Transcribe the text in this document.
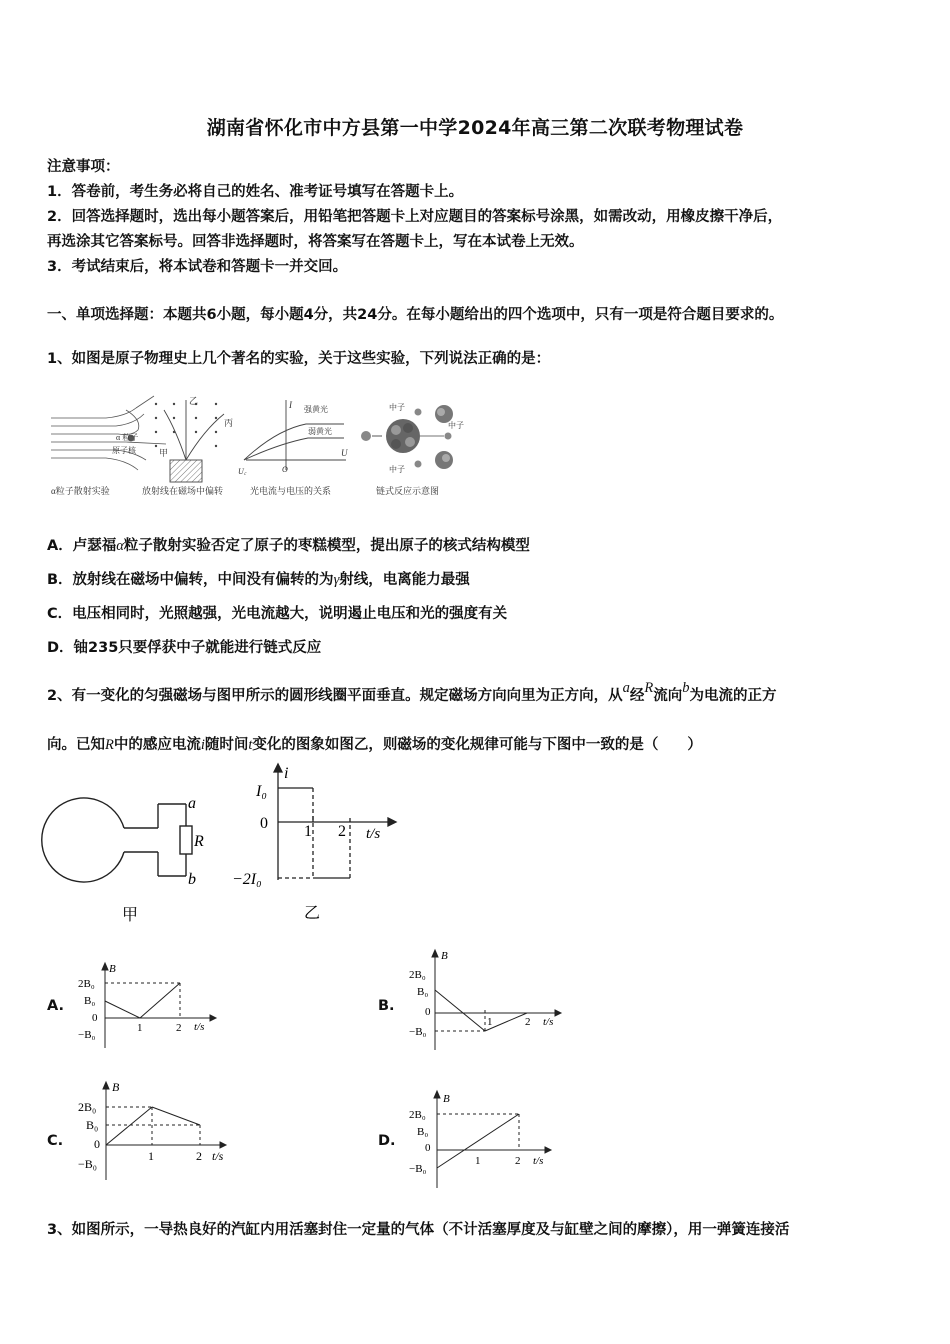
湖南省怀化市中方县第一中学2024年高三第二次联考物理试卷
注意事项：
1．答卷前，考生务必将自己的姓名、准考证号填写在答题卡上。
2．回答选择题时，选出每小题答案后，用铅笔把答题卡上对应题目的答案标号涂黑，如需改动，用橡皮擦干净后，
再选涂其它答案标号。回答非选择题时，将答案写在答题卡上，写在本试卷上无效。
3．考试结束后，将本试卷和答题卡一并交回。
一、单项选择题：本题共6小题，每小题4分，共24分。在每小题给出的四个选项中，只有一项是符合题目要求的。
1、如图是原子物理史上几个著名的实验，关于这些实验，下列说法正确的是：
α 粒子
原子核
α粒子散射实验
甲
乙
丙
放射线在磁场中偏转
I
U
U꜀	O
强黄光
弱黄光
光电流与电压的关系
中子
中子
中子
链式反应示意图
A．卢瑟福α粒子散射实验否定了原子的枣糕模型，提出原子的核式结构模型
B．放射线在磁场中偏转，中间没有偏转的为γ射线，电离能力最强
C．电压相同时，光照越强，光电流越大，说明遏止电压和光的强度有关
D．铀235只要俘获中子就能进行链式反应
2、有一变化的匀强磁场与图甲所示的圆形线圈平面垂直。规定磁场方向向里为正方向，从a经R流向b为电流的正方
向。已知R中的感应电流i随时间t变化的图象如图乙，则磁场的变化规律可能与下图中一致的是（　　）
a
R
b
甲
i
I₀
0 1 2 t/s
−2I₀
乙
A.
B
2B₀
B₀
0
−B₀
1	2 t/s
B.
B
2B₀
B₀
0
−B₀
1	2 t/s
C.
B
2B₀
B₀
0
−B₀
1	2 t/s
D.
B
2B₀
B₀
0
−B₀
1	2 t/s
3、如图所示，一导热良好的汽缸内用活塞封住一定量的气体（不计活塞厚度及与缸壁之间的摩擦），用一弹簧连接活
